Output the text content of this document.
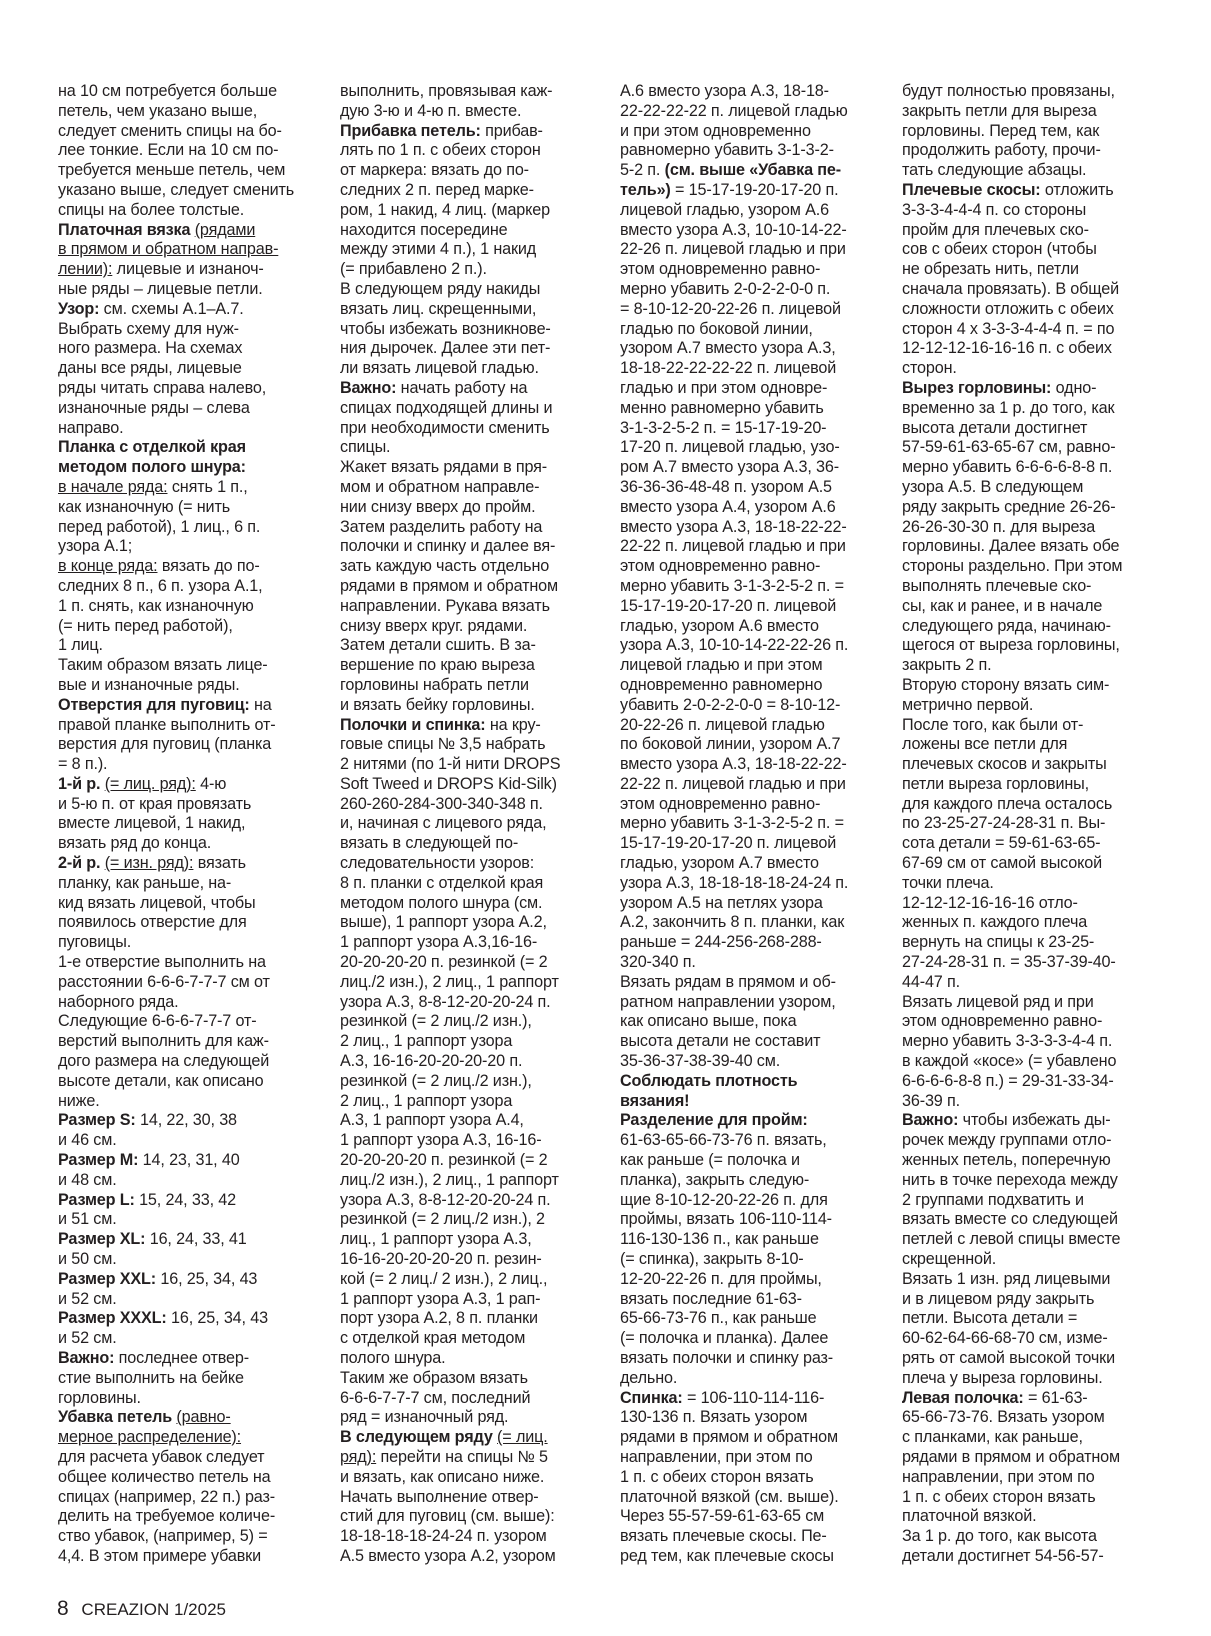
на 10 см потребуется больше
петель, чем указано выше,
следует сменить спицы на бо-
лее тонкие. Если на 10 см по-
требуется меньше петель, чем
указано выше, следует сменить
спицы на более толстые.
Платочная вязка (рядами
в прямом и обратном направ-
лении): лицевые и изнаноч-
ные ряды – лицевые петли.
Узор: см. схемы А.1–А.7.
Выбрать схему для нуж-
ного размера. На схемах
даны все ряды, лицевые
ряды читать справа налево,
изнаночные ряды – слева
направо.
Планка с отделкой края
методом полого шнура:
в начале ряда: снять 1 п.,
как изнаночную (= нить
перед работой), 1 лиц., 6 п.
узора А.1;
в конце ряда: вязать до по-
следних 8 п., 6 п. узора А.1,
1 п. снять, как изнаночную
(= нить перед работой),
1 лиц.
Таким образом вязать лице-
вые и изнаночные ряды.
Отверстия для пуговиц: на
правой планке выполнить от-
верстия для пуговиц (планка
= 8 п.).
1-й р. (= лиц. ряд): 4-ю
и 5-ю п. от края провязать
вместе лицевой, 1 накид,
вязать ряд до конца.
2-й р. (= изн. ряд): вязать
планку, как раньше, на-
кид вязать лицевой, чтобы
появилось отверстие для
пуговицы.
1-е отверстие выполнить на
расстоянии 6-6-6-7-7-7 см от
наборного ряда.
Следующие 6-6-6-7-7-7 от-
верстий выполнить для каж-
дого размера на следующей
высоте детали, как описано
ниже.
Размер S: 14, 22, 30, 38
и 46 см.
Размер M: 14, 23, 31, 40
и 48 см.
Размер L: 15, 24, 33, 42
и 51 см.
Размер XL: 16, 24, 33, 41
и 50 см.
Размер XXL: 16, 25, 34, 43
и 52 см.
Размер XXXL: 16, 25, 34, 43
и 52 см.
Важно: последнее отвер-
стие выполнить на бейке
горловины.
Убавка петель (равно-
мерное распределение):
для расчета убавок следует
общее количество петель на
спицах (например, 22 п.) раз-
делить на требуемое количе-
ство убавок, (например, 5) =
4,4. В этом примере убавки
выполнить, провязывая каж-
дую 3-ю и 4-ю п. вместе.
Прибавка петель: прибав-
лять по 1 п. с обеих сторон
от маркера: вязать до по-
следних 2 п. перед марке-
ром, 1 накид, 4 лиц. (маркер
находится посередине
между этими 4 п.), 1 накид
(= прибавлено 2 п.).
В следующем ряду накиды
вязать лиц. скрещенными,
чтобы избежать возникнове-
ния дырочек. Далее эти пет-
ли вязать лицевой гладью.
Важно: начать работу на
спицах подходящей длины и
при необходимости сменить
спицы.
Жакет вязать рядами в пря-
мом и обратном направле-
нии снизу вверх до пройм.
Затем разделить работу на
полочки и спинку и далее вя-
зать каждую часть отдельно
рядами в прямом и обратном
направлении. Рукава вязать
снизу вверх круг. рядами.
Затем детали сшить. В за-
вершение по краю выреза
горловины набрать петли
и вязать бейку горловины.
Полочки и спинка: на кру-
говые спицы № 3,5 набрать
2 нитями (по 1-й нити DROPS
Soft Tweed и DROPS Kid-Silk)
260-260-284-300-340-348 п.
и, начиная с лицевого ряда,
вязать в следующей по-
следовательности узоров:
8 п. планки с отделкой края
методом полого шнура (см.
выше), 1 раппорт узора А.2,
1 раппорт узора А.3,16-16-
20-20-20-20 п. резинкой (= 2
лиц./2 изн.), 2 лиц., 1 раппорт
узора А.3, 8-8-12-20-20-24 п.
резинкой (= 2 лиц./2 изн.),
2 лиц., 1 раппорт узора
А.3, 16-16-20-20-20-20 п.
резинкой (= 2 лиц./2 изн.),
2 лиц., 1 раппорт узора
А.3, 1 раппорт узора А.4,
1 раппорт узора А.3, 16-16-
20-20-20-20 п. резинкой (= 2
лиц./2 изн.), 2 лиц., 1 раппорт
узора А.3, 8-8-12-20-20-24 п.
резинкой (= 2 лиц./2 изн.), 2
лиц., 1 раппорт узора А.3,
16-16-20-20-20-20 п. резин-
кой (= 2 лиц./ 2 изн.), 2 лиц.,
1 раппорт узора А.3, 1 рап-
порт узора А.2, 8 п. планки
с отделкой края методом
полого шнура.
Таким же образом вязать
6-6-6-7-7-7 см, последний
ряд = изнаночный ряд.
В следующем ряду (= лиц.
ряд): перейти на спицы № 5
и вязать, как описано ниже.
Начать выполнение отвер-
стий для пуговиц (см. выше):
18-18-18-18-24-24 п. узором
А.5 вместо узора А.2, узором
А.6 вместо узора А.3, 18-18-
22-22-22-22 п. лицевой гладью
и при этом одновременно
равномерно убавить 3-1-3-2-
5-2 п. (см. выше «Убавка пе-
тель») = 15-17-19-20-17-20 п.
лицевой гладью, узором А.6
вместо узора А.3, 10-10-14-22-
22-26 п. лицевой гладью и при
этом одновременно равно-
мерно убавить 2-0-2-2-0-0 п.
= 8-10-12-20-22-26 п. лицевой
гладью по боковой линии,
узором А.7 вместо узора А.3,
18-18-22-22-22-22 п. лицевой
гладью и при этом одновре-
менно равномерно убавить
3-1-3-2-5-2 п. = 15-17-19-20-
17-20 п. лицевой гладью, узо-
ром А.7 вместо узора А.3, 36-
36-36-36-48-48 п. узором А.5
вместо узора А.4, узором А.6
вместо узора А.3, 18-18-22-22-
22-22 п. лицевой гладью и при
этом одновременно равно-
мерно убавить 3-1-3-2-5-2 п. =
15-17-19-20-17-20 п. лицевой
гладью, узором А.6 вместо
узора А.3, 10-10-14-22-22-26 п.
лицевой гладью и при этом
одновременно равномерно
убавить 2-0-2-2-0-0 = 8-10-12-
20-22-26 п. лицевой гладью
по боковой линии, узором А.7
вместо узора А.3, 18-18-22-22-
22-22 п. лицевой гладью и при
этом одновременно равно-
мерно убавить 3-1-3-2-5-2 п. =
15-17-19-20-17-20 п. лицевой
гладью, узором А.7 вместо
узора А.3, 18-18-18-18-24-24 п.
узором А.5 на петлях узора
А.2, закончить 8 п. планки, как
раньше = 244-256-268-288-
320-340 п.
Вязать рядам в прямом и об-
ратном направлении узором,
как описано выше, пока
высота детали не составит
35-36-37-38-39-40 см.
Соблюдать плотность
вязания!
Разделение для пройм:
61-63-65-66-73-76 п. вязать,
как раньше (= полочка и
планка), закрыть следую-
щие 8-10-12-20-22-26 п. для
проймы, вязать 106-110-114-
116-130-136 п., как раньше
(= спинка), закрыть 8-10-
12-20-22-26 п. для проймы,
вязать последние 61-63-
65-66-73-76 п., как раньше
(= полочка и планка). Далее
вязать полочки и спинку раз-
дельно.
Спинка: = 106-110-114-116-
130-136 п. Вязать узором
рядами в прямом и обратном
направлении, при этом по
1 п. с обеих сторон вязать
платочной вязкой (см. выше).
Через 55-57-59-61-63-65 см
вязать плечевые скосы. Пе-
ред тем, как плечевые скосы
будут полностью провязаны,
закрыть петли для выреза
горловины. Перед тем, как
продолжить работу, прочи-
тать следующие абзацы.
Плечевые скосы: отложить
3-3-3-4-4-4 п. со стороны
пройм для плечевых ско-
сов с обеих сторон (чтобы
не обрезать нить, петли
сначала провязать). В общей
сложности отложить с обеих
сторон 4 х 3-3-3-4-4-4 п. = по
12-12-12-16-16-16 п. с обеих
сторон.
Вырез горловины: одно-
временно за 1 р. до того, как
высота детали достигнет
57-59-61-63-65-67 см, равно-
мерно убавить 6-6-6-6-8-8 п.
узора А.5. В следующем
ряду закрыть средние 26-26-
26-26-30-30 п. для выреза
горловины. Далее вязать обе
стороны раздельно. При этом
выполнять плечевые ско-
сы, как и ранее, и в начале
следующего ряда, начинаю-
щегося от выреза горловины,
закрыть 2 п.
Вторую сторону вязать сим-
метрично первой.
После того, как были от-
ложены все петли для
плечевых скосов и закрыты
петли выреза горловины,
для каждого плеча осталось
по 23-25-27-24-28-31 п. Вы-
сота детали = 59-61-63-65-
67-69 см от самой высокой
точки плеча.
12-12-12-16-16-16 отло-
женных п. каждого плеча
вернуть на спицы к 23-25-
27-24-28-31 п. = 35-37-39-40-
44-47 п.
Вязать лицевой ряд и при
этом одновременно равно-
мерно убавить 3-3-3-3-4-4 п.
в каждой «косе» (= убавлено
6-6-6-6-8-8 п.) = 29-31-33-34-
36-39 п.
Важно: чтобы избежать ды-
рочек между группами отло-
женных петель, поперечную
нить в точке перехода между
2 группами подхватить и
вязать вместе со следующей
петлей с левой спицы вместе
скрещенной.
Вязать 1 изн. ряд лицевыми
и в лицевом ряду закрыть
петли. Высота детали =
60-62-64-66-68-70 см, изме-
рять от самой высокой точки
плеча у выреза горловины.
Левая полочка: = 61-63-
65-66-73-76. Вязать узором
с планками, как раньше,
рядами в прямом и обратном
направлении, при этом по
1 п. с обеих сторон вязать
платочной вязкой.
За 1 р. до того, как высота
детали достигнет 54-56-57-
8 CREAZION 1/2025
